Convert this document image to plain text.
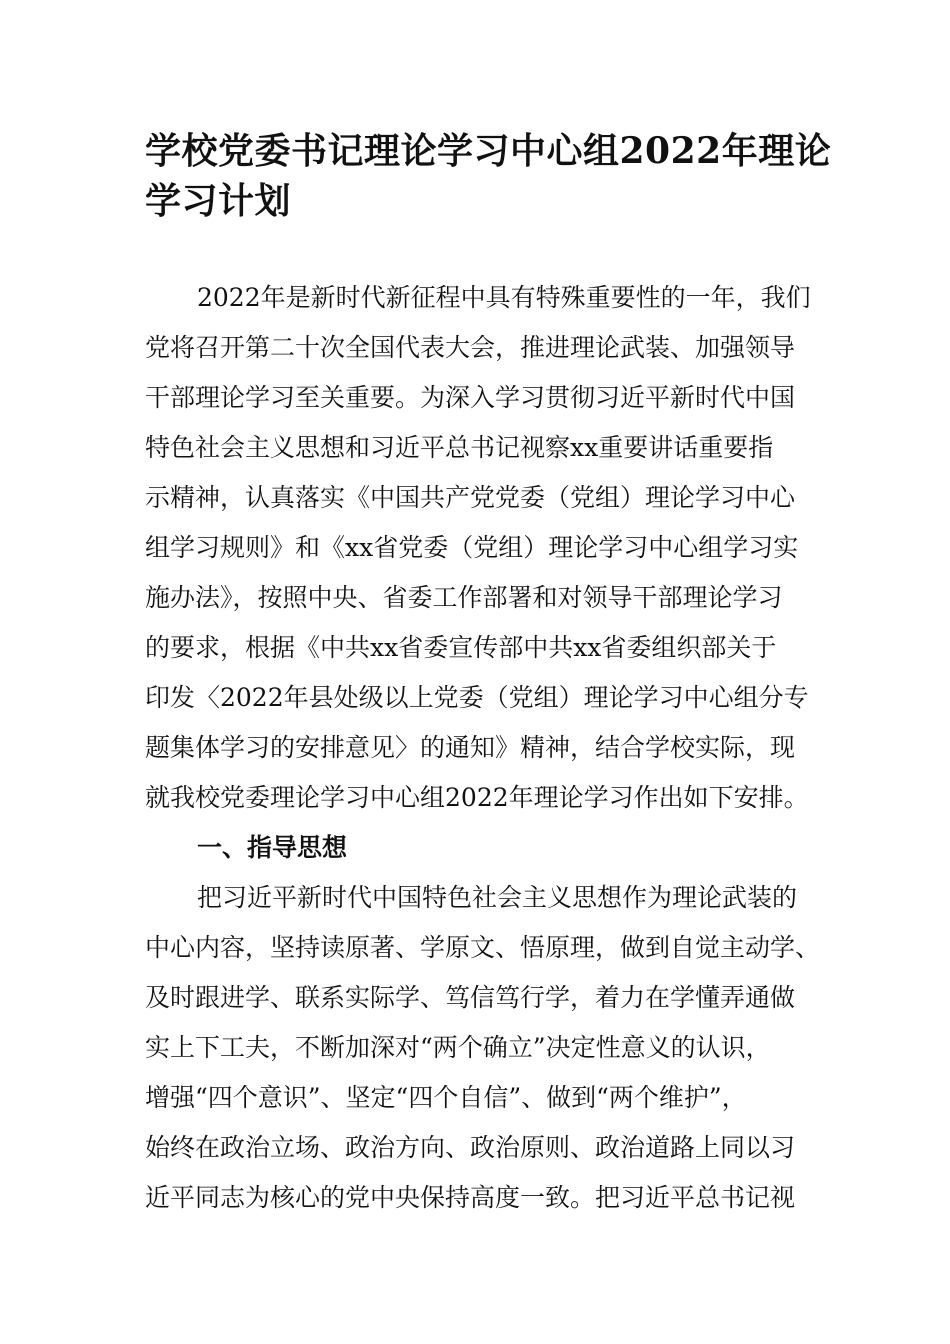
学校党委书记理论学习中心组2022年理论
学习计划
2022年是新时代新征程中具有特殊重要性的一年，我们
党将召开第二十次全国代表大会，推进理论武装、加强领导
干部理论学习至关重要。为深入学习贯彻习近平新时代中国
特色社会主义思想和习近平总书记视察xx重要讲话重要指
示精神，认真落实《中国共产党党委（党组）理论学习中心
组学习规则》和《xx省党委（党组）理论学习中心组学习实
施办法》，按照中央、省委工作部署和对领导干部理论学习
的要求，根据《中共xx省委宣传部中共xx省委组织部关于
印发〈2022年县处级以上党委（党组）理论学习中心组分专
题集体学习的安排意见〉的通知》精神，结合学校实际，现
就我校党委理论学习中心组2022年理论学习作出如下安排。
一、指导思想
把习近平新时代中国特色社会主义思想作为理论武装的
中心内容，坚持读原著、学原文、悟原理，做到自觉主动学、
及时跟进学、联系实际学、笃信笃行学，着力在学懂弄通做
实上下工夫，不断加深对“两个确立”决定性意义的认识，
增强“四个意识”、坚定“四个自信”、做到“两个维护”，
始终在政治立场、政治方向、政治原则、政治道路上同以习
近平同志为核心的党中央保持高度一致。把习近平总书记视
